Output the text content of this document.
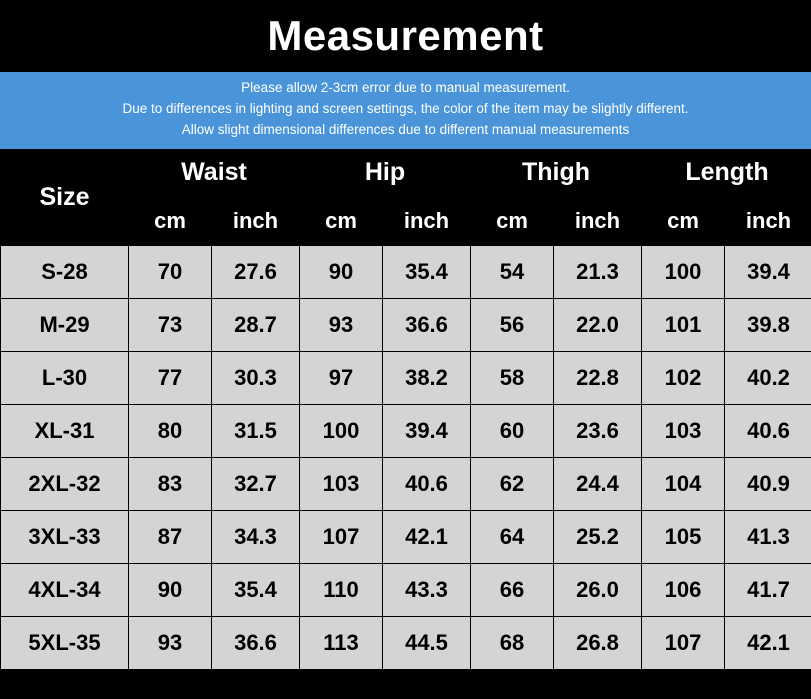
Measurement
Please allow 2-3cm error due to manual measurement.
Due to differences in lighting and screen settings, the color of the item may be slightly different.
Allow slight dimensional differences due to different manual measurements
Size	Waist		Hip		Thigh		Length	
	cm	inch	cm	inch	cm	inch	cm	inch
S-28	70	27.6	90	35.4	54	21.3	100	39.4
M-29	73	28.7	93	36.6	56	22.0	101	39.8
L-30	77	30.3	97	38.2	58	22.8	102	40.2
XL-31	80	31.5	100	39.4	60	23.6	103	40.6
2XL-32	83	32.7	103	40.6	62	24.4	104	40.9
3XL-33	87	34.3	107	42.1	64	25.2	105	41.3
4XL-34	90	35.4	110	43.3	66	26.0	106	41.7
5XL-35	93	36.6	113	44.5	68	26.8	107	42.1
